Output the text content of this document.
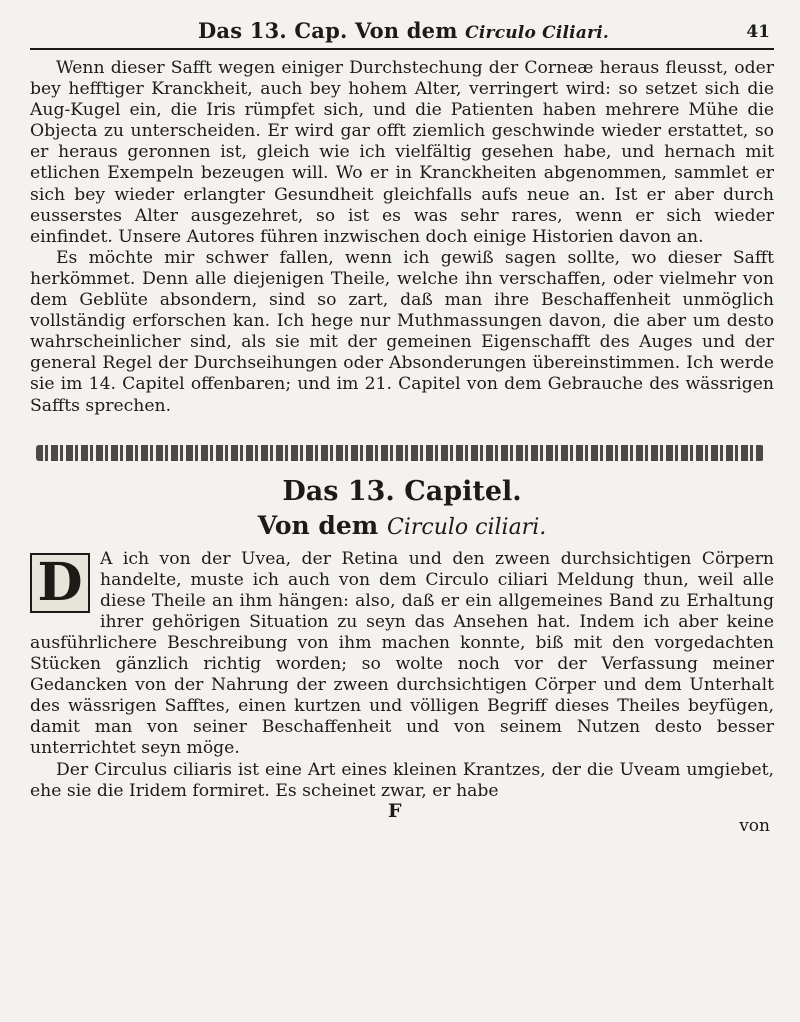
Das 13. Cap. Von dem Circulo Ciliari.	41

Wenn dieser Safft wegen einiger Durchstechung der Corneæ heraus fleusst, oder bey hefftiger Kranckheit, auch bey hohem Alter, verringert wird: so setzet sich die Aug-Kugel ein, die Iris rümpfet sich, und die Patienten haben mehrere Mühe die Objecta zu unterscheiden. Er wird gar offt ziemlich geschwinde wieder erstattet, so er heraus geronnen ist, gleich wie ich vielfältig gesehen habe, und hernach mit etlichen Exempeln bezeugen will. Wo er in Kranckheiten abgenommen, sammlet er sich bey wieder erlangter Gesundheit gleichfalls aufs neue an. Ist er aber durch eusserstes Alter ausgezehret, so ist es was sehr rares, wenn er sich wieder einfindet. Unsere Autores führen inzwischen doch einige Historien davon an.

Es möchte mir schwer fallen, wenn ich gewiß sagen sollte, wo dieser Safft herkömmet. Denn alle diejenigen Theile, welche ihn verschaffen, oder vielmehr von dem Geblüte absondern, sind so zart, daß man ihre Beschaffenheit unmöglich vollständig erforschen kan. Ich hege nur Muthmassungen davon, die aber um desto wahrscheinlicher sind, als sie mit der gemeinen Eigenschafft des Auges und der general Regel der Durchseihungen oder Absonderungen übereinstimmen. Ich werde sie im 14. Capitel offenbaren; und im 21. Capitel von dem Gebrauche des wässrigen Saffts sprechen.

Das 13. Capitel.
Von dem Circulo ciliari.

D	A ich von der Uvea, der Retina und den zween durchsichtigen Cörpern handelte, muste ich auch von dem Circulo ciliari Meldung thun, weil alle diese Theile an ihm hängen: also, daß er ein allgemeines Band zu Erhaltung ihrer gehörigen Situation zu seyn das Ansehen hat. Indem ich aber keine ausführlichere Beschreibung von ihm machen konnte, biß mit den vorgedachten Stücken gänzlich richtig worden; so wolte noch vor der Verfassung meiner Gedancken von der Nahrung der zween durchsichtigen Cörper und dem Unterhalt des wässrigen Safftes, einen kurtzen und völligen Begriff dieses Theiles beyfügen, damit man von seiner Beschaffenheit und von seinem Nutzen desto besser unterrichtet seyn möge.

Der Circulus ciliaris ist eine Art eines kleinen Krantzes, der die Uveam umgiebet, ehe sie die Iridem formiret. Es scheinet zwar, er habe

F
von
